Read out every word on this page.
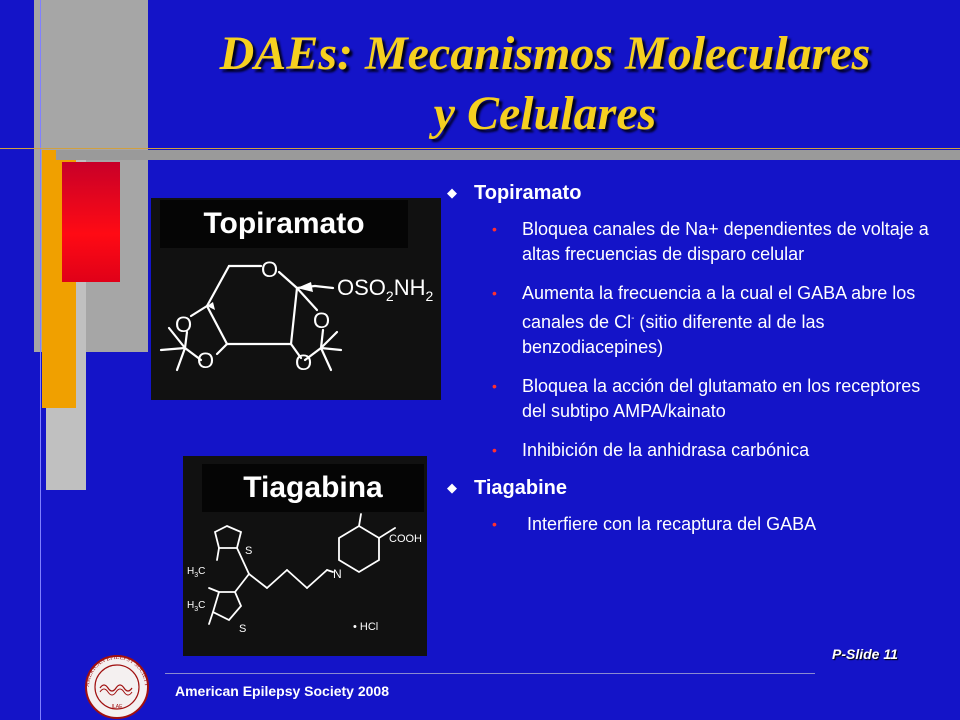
DAEs: Mecanismos Moleculares
y Celulares
O
O	O
O	O
$OSO_2NH_2$
Topiramato
S
S
N
COOH
$H_3C$
$H_3C$
• HCl
Tiagabina
◆ Topiramato
• Bloquea canales de Na+ dependientes de voltaje a altas frecuencias de disparo celular
• Aumenta la frecuencia a la cual el GABA abre los canales de Cl- (sitio diferente al de las benzodiacepines)
• Bloquea la acción del glutamato en los receptores del subtipo AMPA/kainato
• Inhibición de la anhidrasa carbónica
◆ Tiagabine
• Interfiere con la recaptura del GABA
P-Slide 11
AMERICAN EPILEPSY SOCIETY
ILAE
American Epilepsy Society 2008
